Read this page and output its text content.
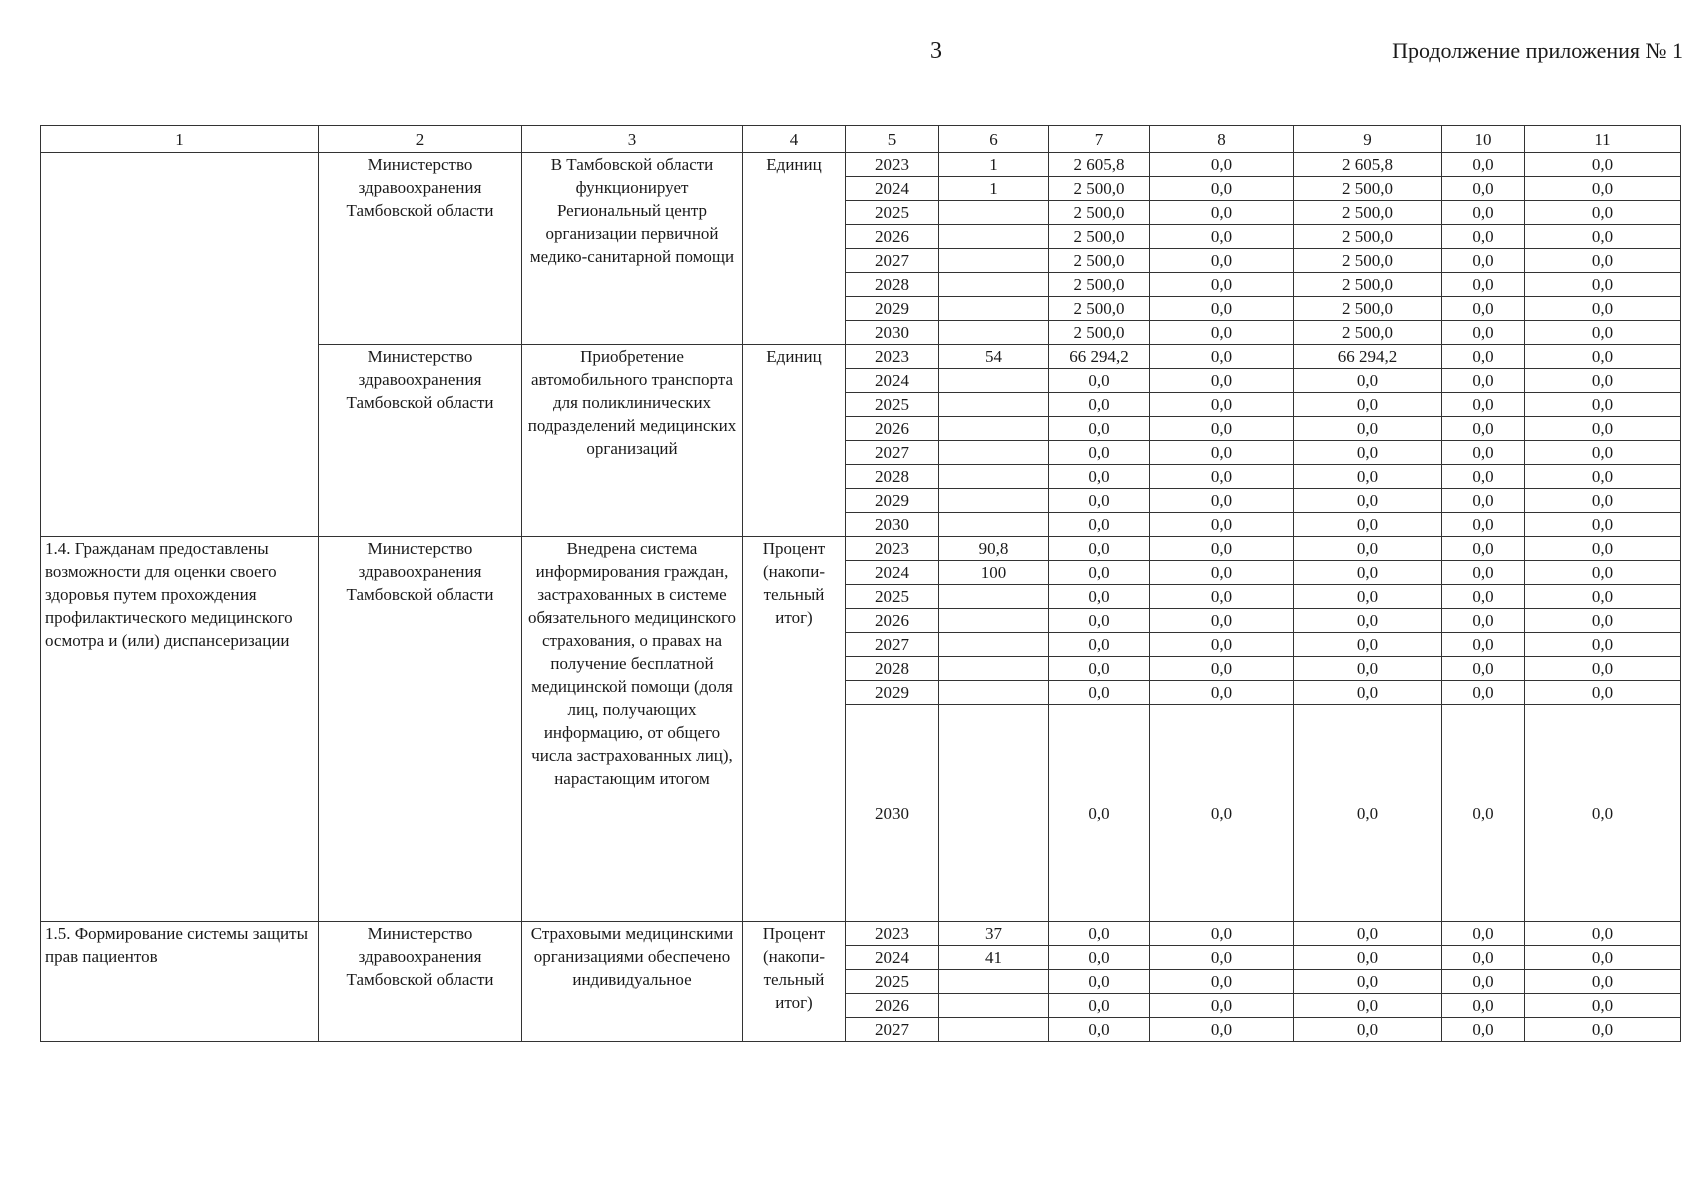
3	Продолжение приложения № 1
1	2	3	4	5	6	7	8	9	10	11
	Министерство здравоохранения Тамбовской области	В Тамбовской области функционирует Региональный центр организации первичной медико-санитарной помощи	Единиц	2023	1	2 605,8	0,0	2 605,8	0,0	0,0
				2024	1	2 500,0	0,0	2 500,0	0,0	0,0
				2025		2 500,0	0,0	2 500,0	0,0	0,0
				2026		2 500,0	0,0	2 500,0	0,0	0,0
				2027		2 500,0	0,0	2 500,0	0,0	0,0
				2028		2 500,0	0,0	2 500,0	0,0	0,0
				2029		2 500,0	0,0	2 500,0	0,0	0,0
				2030		2 500,0	0,0	2 500,0	0,0	0,0
	Министерство здравоохранения Тамбовской области	Приобретение автомобильного транспорта для поликлинических подразделений медицинских организаций	Единиц	2023	54	66 294,2	0,0	66 294,2	0,0	0,0
				2024		0,0	0,0	0,0	0,0	0,0
				2025		0,0	0,0	0,0	0,0	0,0
				2026		0,0	0,0	0,0	0,0	0,0
				2027		0,0	0,0	0,0	0,0	0,0
				2028		0,0	0,0	0,0	0,0	0,0
				2029		0,0	0,0	0,0	0,0	0,0
				2030		0,0	0,0	0,0	0,0	0,0
1.4. Гражданам предоставлены возможности для оценки своего здоровья путем прохождения профилактического медицинского осмотра и (или) диспансеризации	Министерство здравоохранения Тамбовской области	Внедрена система информирования граждан, застрахованных в системе обязательного медицинского страхования, о правах на получение бесплатной медицинской помощи (доля лиц, получающих информацию, от общего числа застрахованных лиц), нарастающим итогом	Процент (накопи-тельный итог)	2023	90,8	0,0	0,0	0,0	0,0	0,0
				2024	100	0,0	0,0	0,0	0,0	0,0
				2025		0,0	0,0	0,0	0,0	0,0
				2026		0,0	0,0	0,0	0,0	0,0
				2027		0,0	0,0	0,0	0,0	0,0
				2028		0,0	0,0	0,0	0,0	0,0
				2029		0,0	0,0	0,0	0,0	0,0
				2030		0,0	0,0	0,0	0,0	0,0
1.5. Формирование системы защиты прав пациентов	Министерство здравоохранения Тамбовской области	Страховыми медицинскими организациями обеспечено индивидуальное	Процент (накопи-тельный итог)	2023	37	0,0	0,0	0,0	0,0	0,0
				2024	41	0,0	0,0	0,0	0,0	0,0
				2025		0,0	0,0	0,0	0,0	0,0
				2026		0,0	0,0	0,0	0,0	0,0
				2027		0,0	0,0	0,0	0,0	0,0
